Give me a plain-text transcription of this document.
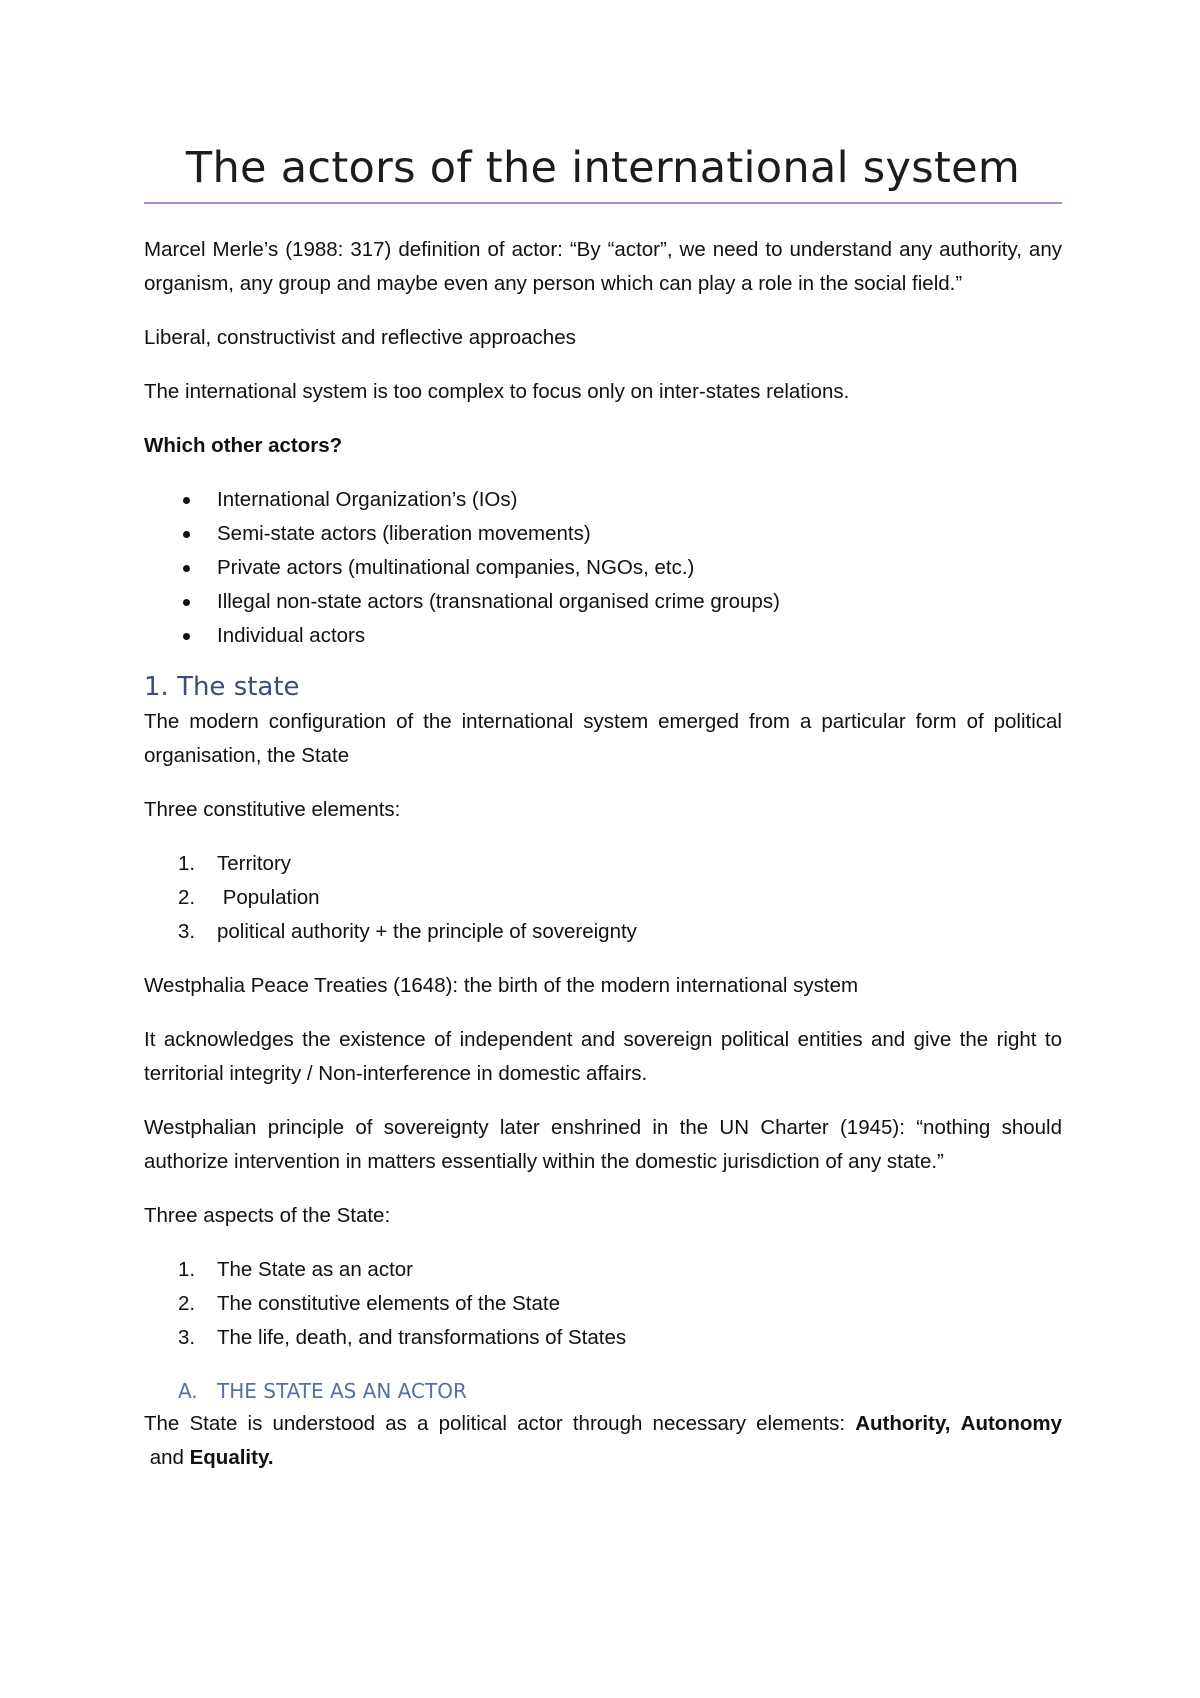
The actors of the international system

Marcel Merle’s (1988: 317) definition of actor: “By “actor”, we need to understand any authority, any organism, any group and maybe even any person which can play a role in the social field.”

Liberal, constructivist and reflective approaches

The international system is too complex to focus only on inter-states relations.

Which other actors?

International Organization’s (IOs)
Semi-state actors (liberation movements)
Private actors (multinational companies, NGOs, etc.)
Illegal non-state actors (transnational organised crime groups)
Individual actors
1. The state

The modern configuration of the international system emerged from a particular form of political organisation, the State

Three constitutive elements:

1.	Territory
2.	Population
3.	political authority + the principle of sovereignty

Westphalia Peace Treaties (1648): the birth of the modern international system

It acknowledges the existence of independent and sovereign political entities and give the right to territorial integrity / Non-interference in domestic affairs.

Westphalian principle of sovereignty later enshrined in the UN Charter (1945): “nothing should authorize intervention in matters essentially within the domestic jurisdiction of any state.”

Three aspects of the State:

1.	The State as an actor
2.	The constitutive elements of the State
3.	The life, death, and transformations of States
A. THE STATE AS AN ACTOR

The State is understood as a political actor through necessary elements: Authority, Autonomy and Equality.
